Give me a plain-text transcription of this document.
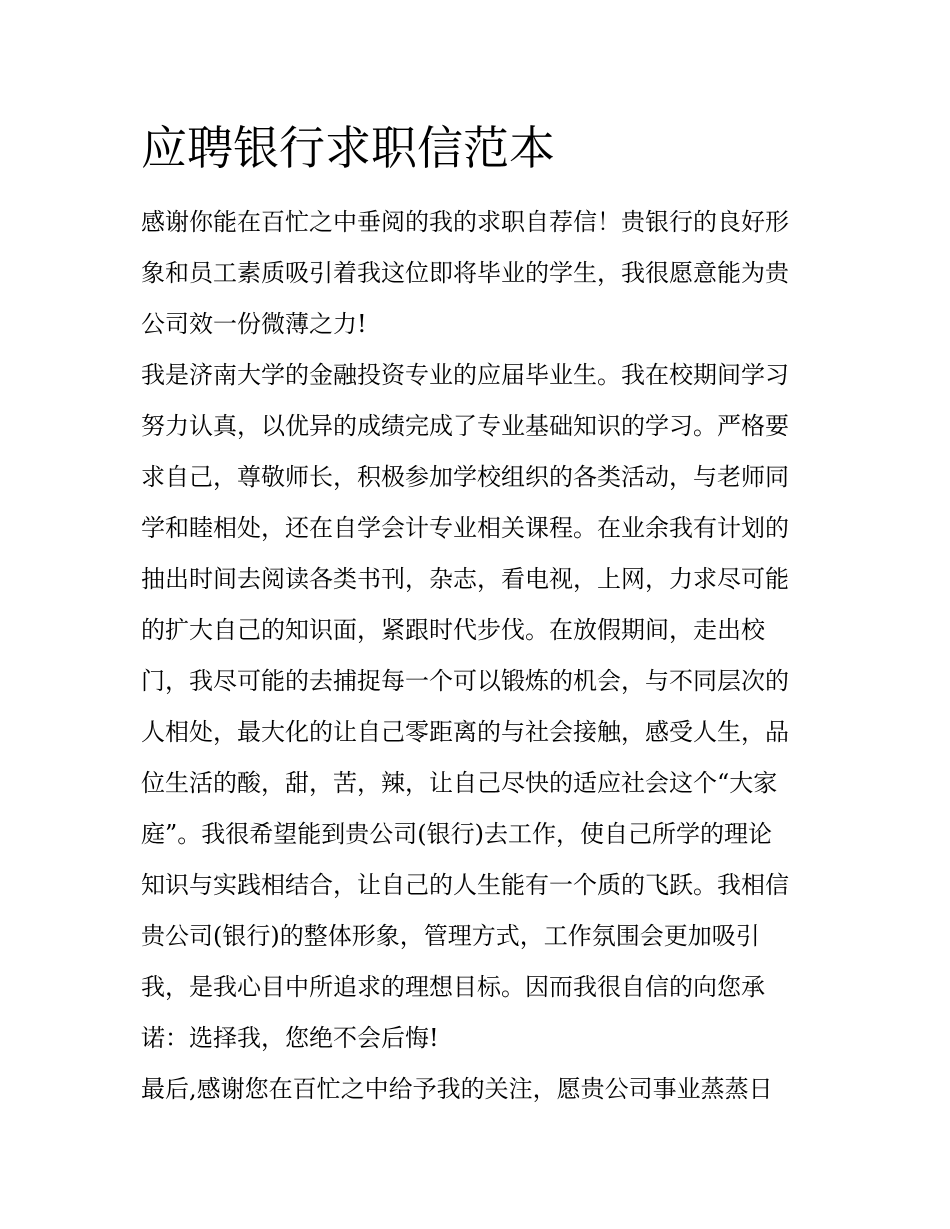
应聘银行求职信范本

感谢你能在百忙之中垂阅的我的求职自荐信！贵银行的良好形

象和员工素质吸引着我这位即将毕业的学生，我很愿意能为贵

公司效一份微薄之力!

我是济南大学的金融投资专业的应届毕业生。我在校期间学习

努力认真，以优异的成绩完成了专业基础知识的学习。严格要

求自己，尊敬师长，积极参加学校组织的各类活动，与老师同

学和睦相处，还在自学会计专业相关课程。在业余我有计划的

抽出时间去阅读各类书刊，杂志，看电视，上网，力求尽可能

的扩大自己的知识面，紧跟时代步伐。在放假期间，走出校

门，我尽可能的去捕捉每一个可以锻炼的机会，与不同层次的

人相处，最大化的让自己零距离的与社会接触，感受人生，品

位生活的酸，甜，苦，辣，让自己尽快的适应社会这个“大家

庭”。我很希望能到贵公司(银行)去工作，使自己所学的理论

知识与实践相结合，让自己的人生能有一个质的飞跃。我相信

贵公司(银行)的整体形象，管理方式，工作氛围会更加吸引

我，是我心目中所追求的理想目标。因而我很自信的向您承

诺：选择我，您绝不会后悔!

最后,感谢您在百忙之中给予我的关注，愿贵公司事业蒸蒸日
